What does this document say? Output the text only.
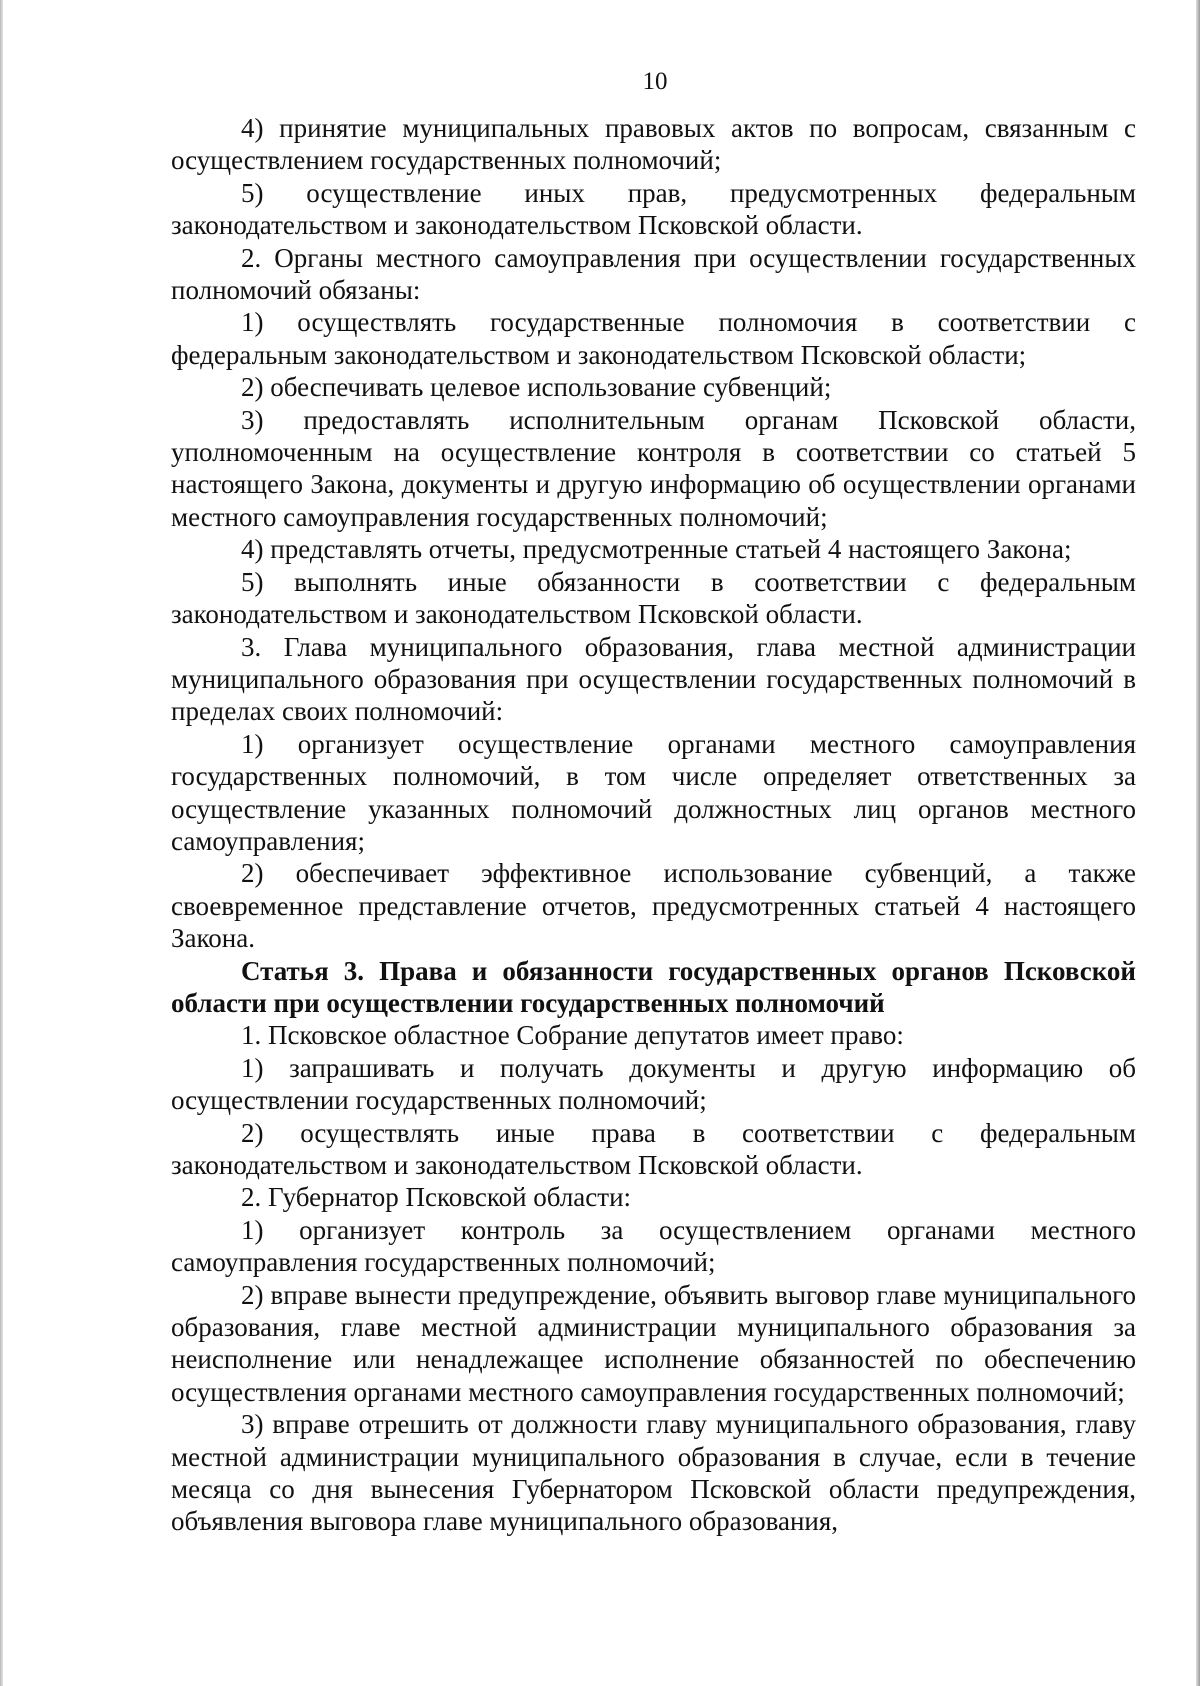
10

4) принятие муниципальных правовых актов по вопросам, связанным с осуществлением государственных полномочий;

5) осуществление иных прав, предусмотренных федеральным законодательством и законодательством Псковской области.

2. Органы местного самоуправления при осуществлении государственных полномочий обязаны:

1) осуществлять государственные полномочия в соответствии с федеральным законодательством и законодательством Псковской области;

2) обеспечивать целевое использование субвенций;

3) предоставлять исполнительным органам Псковской области, уполномоченным на осуществление контроля в соответствии со статьей 5 настоящего Закона, документы и другую информацию об осуществлении органами местного самоуправления государственных полномочий;

4) представлять отчеты, предусмотренные статьей 4 настоящего Закона;

5) выполнять иные обязанности в соответствии с федеральным законодательством и законодательством Псковской области.

3. Глава муниципального образования, глава местной администрации муниципального образования при осуществлении государственных полномочий в пределах своих полномочий:

1) организует осуществление органами местного самоуправления государственных полномочий, в том числе определяет ответственных за осуществление указанных полномочий должностных лиц органов местного самоуправления;

2) обеспечивает эффективное использование субвенций, а также своевременное представление отчетов, предусмотренных статьей 4 настоящего Закона.

Статья 3. Права и обязанности государственных органов Псковской области при осуществлении государственных полномочий

1. Псковское областное Собрание депутатов имеет право:

1) запрашивать и получать документы и другую информацию об осуществлении государственных полномочий;

2) осуществлять иные права в соответствии с федеральным законодательством и законодательством Псковской области.

2. Губернатор Псковской области:

1) организует контроль за осуществлением органами местного самоуправления государственных полномочий;

2) вправе вынести предупреждение, объявить выговор главе муниципального образования, главе местной администрации муниципального образования за неисполнение или ненадлежащее исполнение обязанностей по обеспечению осуществления органами местного самоуправления государственных полномочий;

3) вправе отрешить от должности главу муниципального образования, главу местной администрации муниципального образования в случае, если в течение месяца со дня вынесения Губернатором Псковской области предупреждения, объявления выговора главе муниципального образования,
